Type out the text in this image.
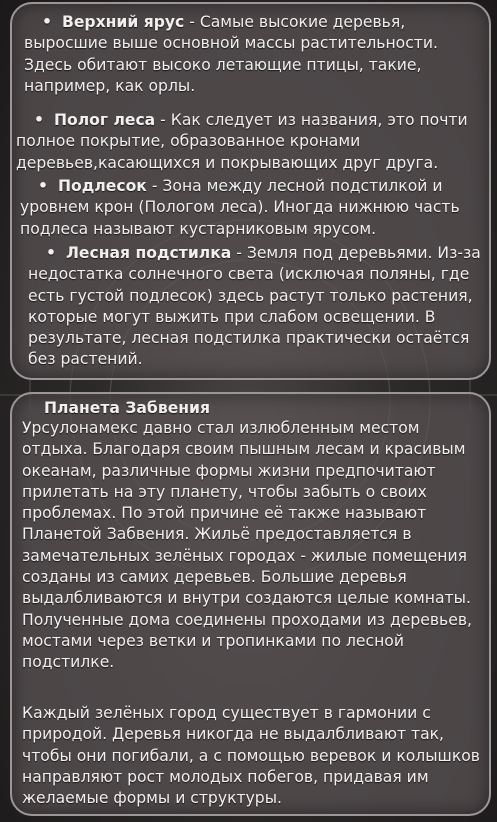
• Верхний ярус - Самые высокие деревья, выросшие выше основной массы растительности. Здесь обитают высоко летающие птицы, такие, например, как орлы.

• Полог леса - Как следует из названия, это почти полное покрытие, образованное кронами деревьев,касающихся и покрывающих друг друга.

• Подлесок - Зона между лесной подстилкой и уровнем крон (Пологом леса). Иногда нижнюю часть подлеса называют кустарниковым ярусом.

• Лесная подстилка - Земля под деревьями. Из-за недостатка солнечного света (исключая поляны, где есть густой подлесок) здесь растут только растения, которые могут выжить при слабом освещении. В результате, лесная подстилка практически остаётся без растений.

Планета Забвения

Урсулонамекс давно стал излюбленным местом отдыха. Благодаря своим пышным лесам и красивым океанам, различные формы жизни предпочитают прилетать на эту планету, чтобы забыть о своих проблемах. По этой причине её также называют Планетой Забвения. Жильё предоставляется в замечательных зелёных городах - жилые помещения созданы из самих деревьев. Большие деревья выдалбливаются и внутри создаются целые комнаты. Полученные дома соединены проходами из деревьев, мостами через ветки и тропинками по лесной подстилке.

Каждый зелёных город существует в гармонии с природой. Деревья никогда не выдалбливают так, чтобы они погибали, а с помощью веревок и колышков направляют рост молодых побегов, придавая им желаемые формы и структуры.
